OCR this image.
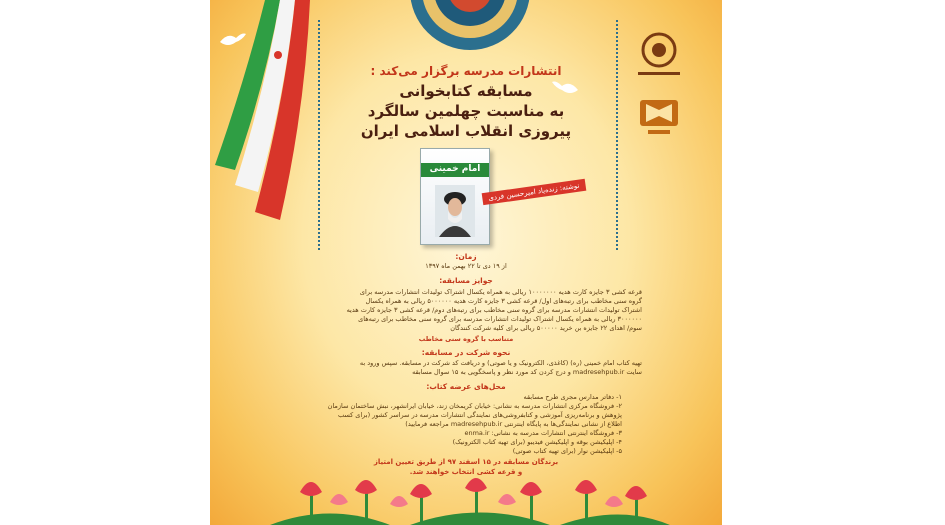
انتشارات مدرسه برگزار می‌کند :
مسابقه کتابخوانی
به مناسبت چهلمین سالگرد
پیروزی انقلاب اسلامی ایران
امام خمینی
نوشته: زنده‌یاد امیرحسین فردی
زمان:
از ۱۹ دی تا ۲۲ بهمن ماه ۱۳۹۷
جوایز مسابقه:
قرعه کشی ۳ جایزه کارت هدیه ۱۰۰۰۰۰۰۰ ریالی به همراه یکسال اشتراک تولیدات انتشارات مدرسه برای
گروه سنی مخاطب برای رتبه‌های اول/ قرعه کشی ۳ جایزه کارت هدیه ۵۰۰۰۰۰۰ ریالی به همراه یکسال
اشتراک تولیدات انتشارات مدرسه برای گروه سنی مخاطب برای رتبه‌های دوم/ قرعه کشی ۳ جایزه کارت هدیه
۳۰۰۰۰۰۰ ریالی به همراه یکسال اشتراک تولیدات انتشارات مدرسه برای گروه سنی مخاطب برای رتبه‌های
سوم/ اهدای ۲۲ جایزه بن خرید ۵۰۰۰۰۰ ریالی برای کلیه شرکت کنندگان
متناسب با گروه سنی مخاطب
نحوه شرکت در مسابقه:
تهیه کتاب امام خمینی (ره) (کاغذی، الکترونیک و یا صوتی) و دریافت کد شرکت در مسابقه. سپس ورود به
سایت madresehpub.ir و درج کردن کد مورد نظر و پاسخگویی به ۱۵ سوال مسابقه
محل‌های عرضه کتاب:
۱- دفاتر مدارس مجری طرح مسابقه
۲- فروشگاه مرکزی انتشارات مدرسه به نشانی: خیابان کریمخان زند، خیابان ایرانشهر، نبش ساختمان سازمان
پژوهش و برنامه‌ریزی آموزشی و کتابفروشی‌های نمایندگی انتشارات مدرسه در سراسر کشور (برای کسب
اطلاع از نشانی نمایندگی‌ها به پایگاه اینترنتی madresehpub.ir مراجعه فرمایید)
۳- فروشگاه اینترنتی انتشارات مدرسه به نشانی: enma.ir
۴- اپلیکیشن بوقه و اپلیکیشن فیدیبو (برای تهیه کتاب الکترونیک)
۵- اپلیکیشن نوار (برای تهیه کتاب صوتی)
برندگان مسابقه در ۱۵ اسفند ۹۷ از طریق تعیین امتیاز
و قرعه کشی انتخاب خواهند شد.
